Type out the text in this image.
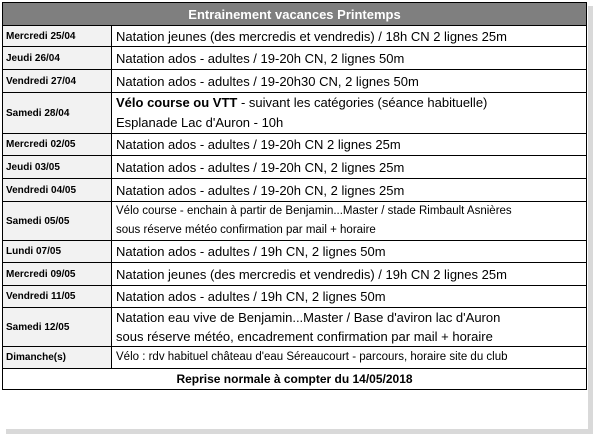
Entrainement vacances Printemps	
Mercredi 25/04	Natation jeunes (des mercredis et vendredis) / 18h CN 2 lignes 25m

Jeudi 26/04	Natation ados - adultes / 19-20h CN, 2 lignes 50m

Vendredi 27/04	Natation ados - adultes / 19-20h30 CN, 2 lignes 50m

Samedi 28/04	Vélo course ou VTT - suivant les catégories (séance habituelle)
Esplanade Lac d'Auron - 10h

Mercredi 02/05	Natation ados - adultes / 19-20h CN 2 lignes 25m

Jeudi 03/05	Natation ados - adultes / 19-20h CN, 2 lignes 25m

Vendredi 04/05	Natation ados - adultes / 19-20h CN, 2 lignes 25m

Samedi 05/05	Vélo course - enchain à partir de Benjamin...Master / stade Rimbault Asnières
sous réserve météo confirmation par mail + horaire

Lundi 07/05	Natation ados - adultes / 19h CN, 2 lignes 50m

Mercredi 09/05	Natation jeunes (des mercredis et vendredis) / 19h CN 2 lignes 25m

Vendredi 11/05	Natation ados - adultes / 19h CN, 2 lignes 50m

Samedi 12/05	Natation eau vive de Benjamin...Master / Base d'aviron lac d'Auron
sous réserve météo, encadrement confirmation par mail + horaire

Dimanche(s)	Vélo : rdv habituel château d'eau Séreaucourt - parcours, horaire site du club

Reprise normale à compter du 14/05/2018	
